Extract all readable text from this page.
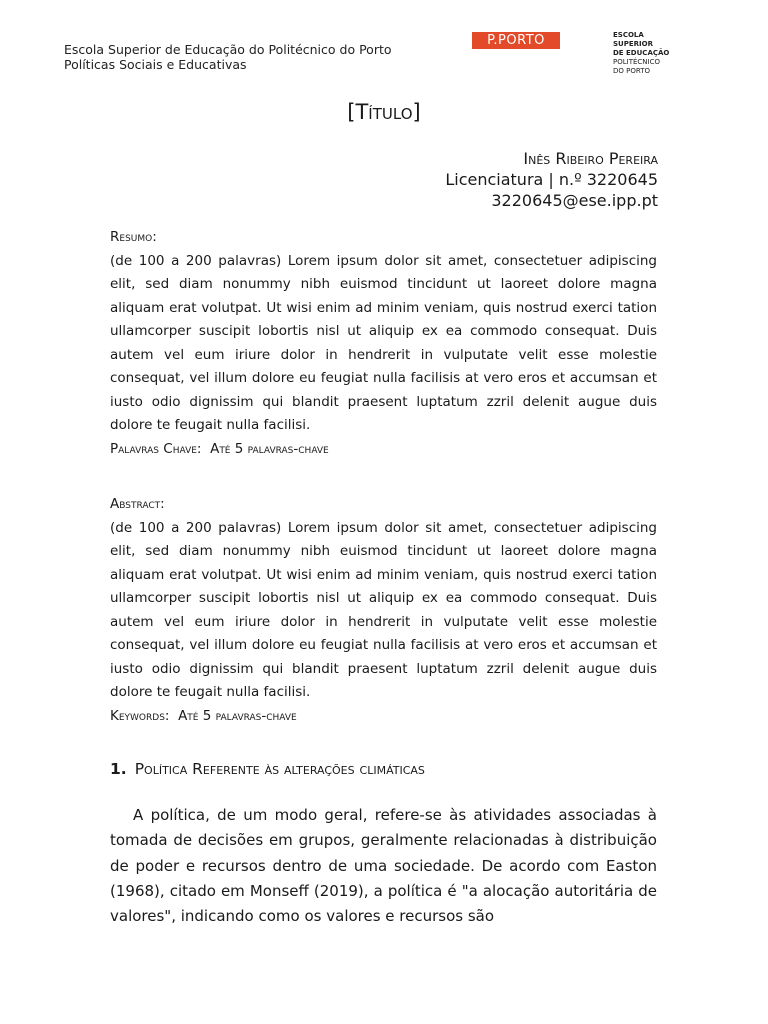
Escola Superior de Educação do Politécnico do Porto
Políticas Sociais e Educativas
P.PORTO	ESCOLA
SUPERIOR
DE EDUCAÇÃO
POLITÉCNICO
DO PORTO
[Título]
Inês Ribeiro Pereira
Licenciatura | n.º 3220645
3220645@ese.ipp.pt
Resumo:
(de 100 a 200 palavras) Lorem ipsum dolor sit amet, consectetuer adipiscing elit, sed diam nonummy nibh euismod tincidunt ut laoreet dolore magna aliquam erat volutpat. Ut wisi enim ad minim veniam, quis nostrud exerci tation ullamcorper suscipit lobortis nisl ut aliquip ex ea commodo consequat. Duis autem vel eum iriure dolor in hendrerit in vulputate velit esse molestie consequat, vel illum dolore eu feugiat nulla facilisis at vero eros et accumsan et iusto odio dignissim qui blandit praesent luptatum zzril delenit augue duis dolore te feugait nulla facilisi.
Palavras Chave: Até 5 palavras-chave
Abstract:
(de 100 a 200 palavras) Lorem ipsum dolor sit amet, consectetuer adipiscing elit, sed diam nonummy nibh euismod tincidunt ut laoreet dolore magna aliquam erat volutpat. Ut wisi enim ad minim veniam, quis nostrud exerci tation ullamcorper suscipit lobortis nisl ut aliquip ex ea commodo consequat. Duis autem vel eum iriure dolor in hendrerit in vulputate velit esse molestie consequat, vel illum dolore eu feugiat nulla facilisis at vero eros et accumsan et iusto odio dignissim qui blandit praesent luptatum zzril delenit augue duis dolore te feugait nulla facilisi.
Keywords: Até 5 palavras-chave
1. Política Referente às alterações climáticas

A política, de um modo geral, refere-se às atividades associadas à tomada de decisões em grupos, geralmente relacionadas à distribuição de poder e recursos dentro de uma sociedade. De acordo com Easton (1968), citado em Monseff (2019), a política é "a alocação autoritária de valores", indicando como os valores e recursos são
